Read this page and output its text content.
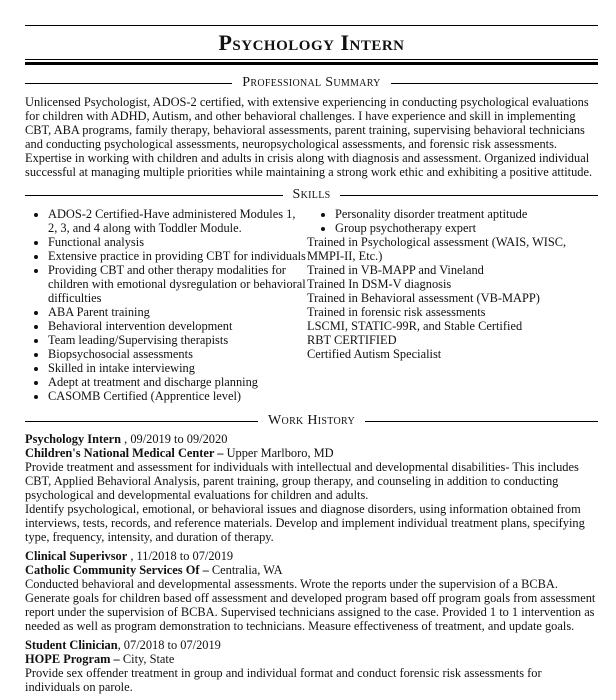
Psychology Intern
Professional Summary
Unlicensed Psychologist, ADOS-2 certified, with extensive experiencing in conducting psychological evaluations for children with ADHD, Autism, and other behavioral challenges. I have experience and skill in implementing CBT, ABA programs, family therapy, behavioral assessments, parent training, supervising behavioral technicians and conducting psychological assessments, neuropsychological assessments, and forensic risk assessments. Expertise in working with children and adults in crisis along with diagnosis and assessment. Organized individual successful at managing multiple priorities while maintaining a strong work ethic and exhibiting a positive attitude.
Skills
• ADOS-2 Certified-Have administered Modules 1, 2, 3, and 4 along with Toddler Module.
• Functional analysis
• Extensive practice in providing CBT for individuals
• Providing CBT and other therapy modalities for children with emotional dysregulation or behavioral difficulties
• ABA Parent training
• Behavioral intervention development
• Team leading/Supervising therapists
• Biopsychosocial assessments
• Skilled in intake interviewing
• Adept at treatment and discharge planning
• CASOMB Certified (Apprentice level)
• Personality disorder treatment aptitude
• Group psychotherapy expert
Trained in Psychological assessment (WAIS, WISC, MMPI-II, Etc.)
Trained in VB-MAPP and Vineland
Trained In DSM-V diagnosis
Trained in Behavioral assessment (VB-MAPP)
Trained in forensic risk assessments
LSCMI, STATIC-99R, and Stable Certified
RBT CERTIFIED
Certified Autism Specialist
Work History
Psychology Intern , 09/2019 to 09/2020
Children's National Medical Center – Upper Marlboro, MD
Provide treatment and assessment for individuals with intellectual and developmental disabilities- This includes CBT, Applied Behavioral Analysis, parent training, group therapy, and counseling in addition to conducting psychological and developmental evaluations for children and adults.
Identify psychological, emotional, or behavioral issues and diagnose disorders, using information obtained from interviews, tests, records, and reference materials. Develop and implement individual treatment plans, specifying type, frequency, intensity, and duration of therapy.
Clinical Superivsor , 11/2018 to 07/2019
Catholic Community Services Of – Centralia, WA
Conducted behavioral and developmental assessments. Wrote the reports under the supervision of a BCBA. Generate goals for children based off assessment and developed program based off program goals from assessment report under the supervision of BCBA. Supervised technicians assigned to the case. Provided 1 to 1 intervention as needed as well as program demonstration to technicians. Measure effectiveness of treatment, and update goals.
Student Clinician, 07/2018 to 07/2019
HOPE Program – City, State
Provide sex offender treatment in group and individual format and conduct forensic risk assessments for individuals on parole.
